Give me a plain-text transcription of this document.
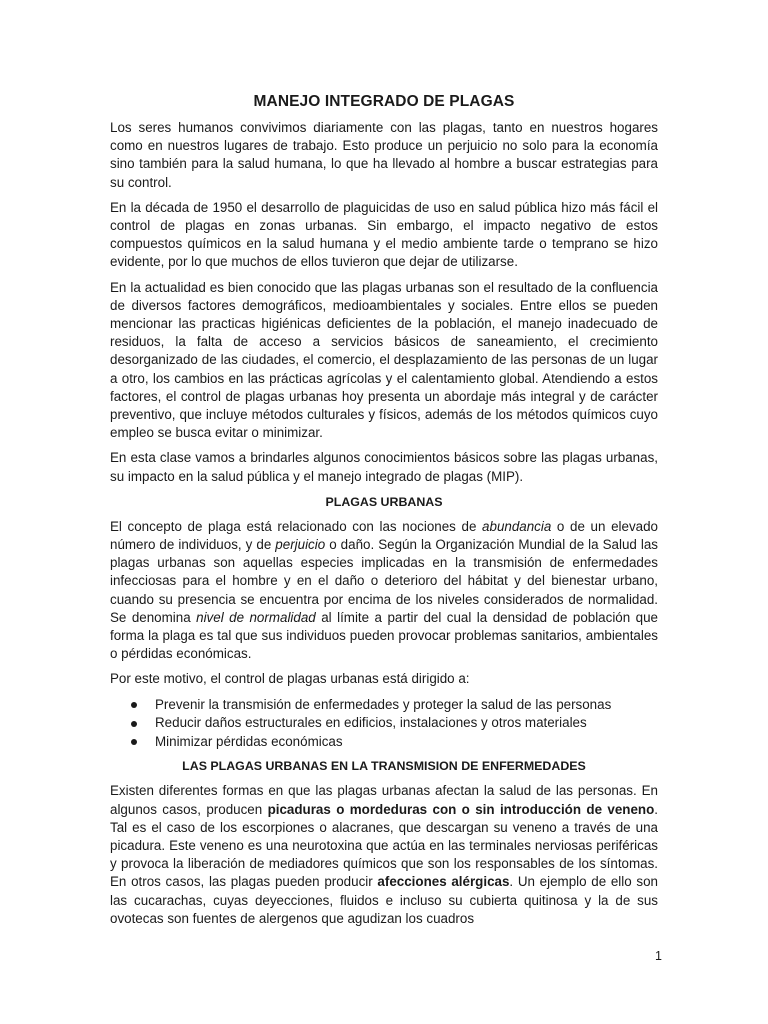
MANEJO INTEGRADO DE PLAGAS

Los seres humanos convivimos diariamente con las plagas, tanto en nuestros hogares como en nuestros lugares de trabajo. Esto produce un perjuicio no solo para la economía sino también para la salud humana, lo que ha llevado al hombre a buscar estrategias para su control.

En la década de 1950 el desarrollo de plaguicidas de uso en salud pública hizo más fácil el control de plagas en zonas urbanas. Sin embargo, el impacto negativo de estos compuestos químicos en la salud humana y el medio ambiente tarde o temprano se hizo evidente, por lo que muchos de ellos tuvieron que dejar de utilizarse.

En la actualidad es bien conocido que las plagas urbanas son el resultado de la confluencia de diversos factores demográficos, medioambientales y sociales. Entre ellos se pueden mencionar las practicas higiénicas deficientes de la población, el manejo inadecuado de residuos, la falta de acceso a servicios básicos de saneamiento, el crecimiento desorganizado de las ciudades, el comercio, el desplazamiento de las personas de un lugar a otro, los cambios en las prácticas agrícolas y el calentamiento global. Atendiendo a estos factores, el control de plagas urbanas hoy presenta un abordaje más integral y de carácter preventivo, que incluye métodos culturales y físicos, además de los métodos químicos cuyo empleo se busca evitar o minimizar.

En esta clase vamos a brindarles algunos conocimientos básicos sobre las plagas urbanas, su impacto en la salud pública y el manejo integrado de plagas (MIP).

PLAGAS URBANAS

El concepto de plaga está relacionado con las nociones de abundancia o de un elevado número de individuos, y de perjuicio o daño. Según la Organización Mundial de la Salud las plagas urbanas son aquellas especies implicadas en la transmisión de enfermedades infecciosas para el hombre y en el daño o deterioro del hábitat y del bienestar urbano, cuando su presencia se encuentra por encima de los niveles considerados de normalidad. Se denomina nivel de normalidad al límite a partir del cual la densidad de población que forma la plaga es tal que sus individuos pueden provocar problemas sanitarios, ambientales o pérdidas económicas.

Por este motivo, el control de plagas urbanas está dirigido a:

Prevenir la transmisión de enfermedades y proteger la salud de las personas
Reducir daños estructurales en edificios, instalaciones y otros materiales
Minimizar pérdidas económicas
LAS PLAGAS URBANAS EN LA TRANSMISION DE ENFERMEDADES

Existen diferentes formas en que las plagas urbanas afectan la salud de las personas. En algunos casos, producen picaduras o mordeduras con o sin introducción de veneno. Tal es el caso de los escorpiones o alacranes, que descargan su veneno a través de una picadura. Este veneno es una neurotoxina que actúa en las terminales nerviosas periféricas y provoca la liberación de mediadores químicos que son los responsables de los síntomas. En otros casos, las plagas pueden producir afecciones alérgicas. Un ejemplo de ello son las cucarachas, cuyas deyecciones, fluidos e incluso su cubierta quitinosa y la de sus ovotecas son fuentes de alergenos que agudizan los cuadros

1
